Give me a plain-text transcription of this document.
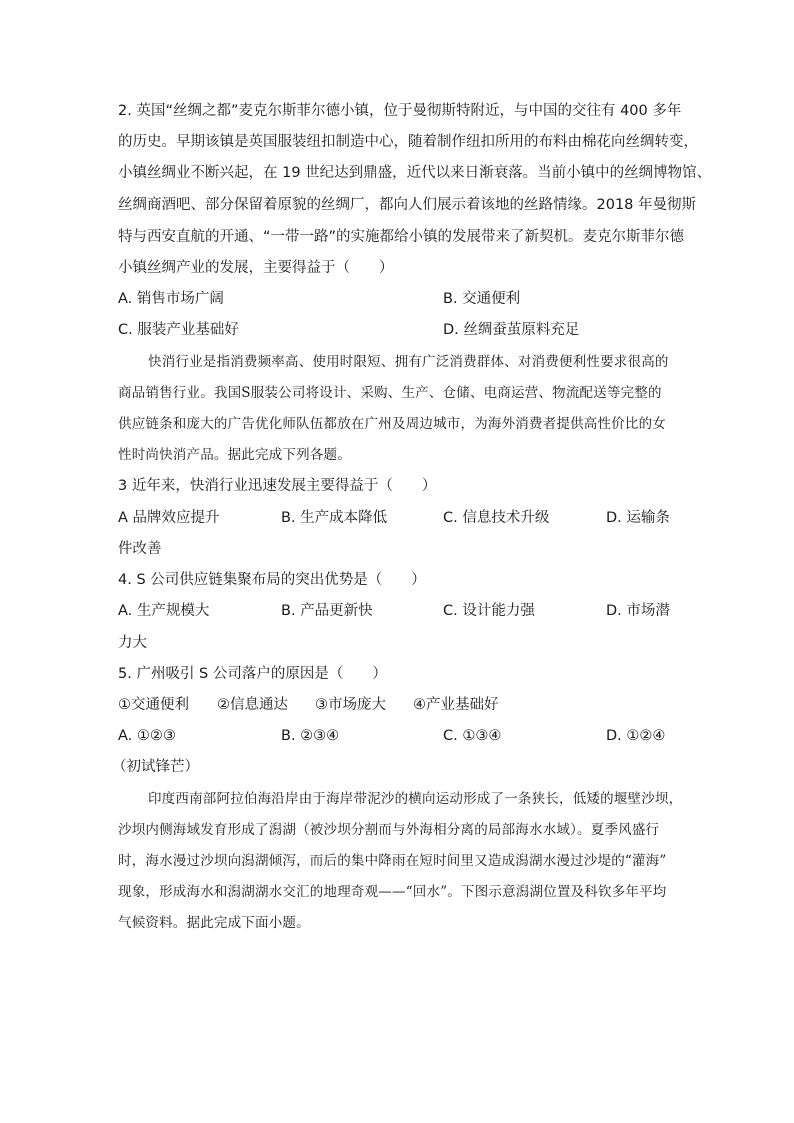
2. 英国“丝绸之都”麦克尔斯菲尔德小镇，位于曼彻斯特附近，与中国的交往有 400 多年
的历史。早期该镇是英国服装纽扣制造中心，随着制作纽扣所用的布料由棉花向丝绸转变，
小镇丝绸业不断兴起，在 19 世纪达到鼎盛，近代以来日渐衰落。当前小镇中的丝绸博物馆、
丝绸商酒吧、部分保留着原貌的丝绸厂，都向人们展示着该地的丝路情缘。2018 年曼彻斯
特与西安直航的开通、“一带一路”的实施都给小镇的发展带来了新契机。麦克尔斯菲尔德
小镇丝绸产业的发展，主要得益于（　　）
A. 销售市场广阔	B. 交通便利
C. 服装产业基础好	D. 丝绸蚕茧原料充足
快消行业是指消费频率高、使用时限短、拥有广泛消费群体、对消费便利性要求很高的
商品销售行业。我国S服装公司将设计、采购、生产、仓储、电商运营、物流配送等完整的
供应链条和庞大的广告优化师队伍都放在广州及周边城市，为海外消费者提供高性价比的女
性时尚快消产品。据此完成下列各题。
3 近年来，快消行业迅速发展主要得益于（　　）
A 品牌效应提升	B. 生产成本降低	C. 信息技术升级	D. 运输条
件改善
4. S 公司供应链集聚布局的突出优势是（　　）
A. 生产规模大	B. 产品更新快	C. 设计能力强	D. 市场潜
力大
5. 广州吸引 S 公司落户的原因是（　　）
①交通便利 ②信息通达 ③市场庞大 ④产业基础好
A. ①②③	B. ②③④	C. ①③④	D. ①②④
（初试锋芒）
印度西南部阿拉伯海沿岸由于海岸带泥沙的横向运动形成了一条狭长，低矮的堰壁沙坝，
沙坝内侧海域发育形成了潟湖（被沙坝分割而与外海相分离的局部海水水域）。夏季风盛行
时，海水漫过沙坝向潟湖倾泻，而后的集中降雨在短时间里又造成潟湖水漫过沙堤的“灌海”
现象，形成海水和潟湖湖水交汇的地理奇观——“回水”。下图示意潟湖位置及科钦多年平均
气候资料。据此完成下面小题。
